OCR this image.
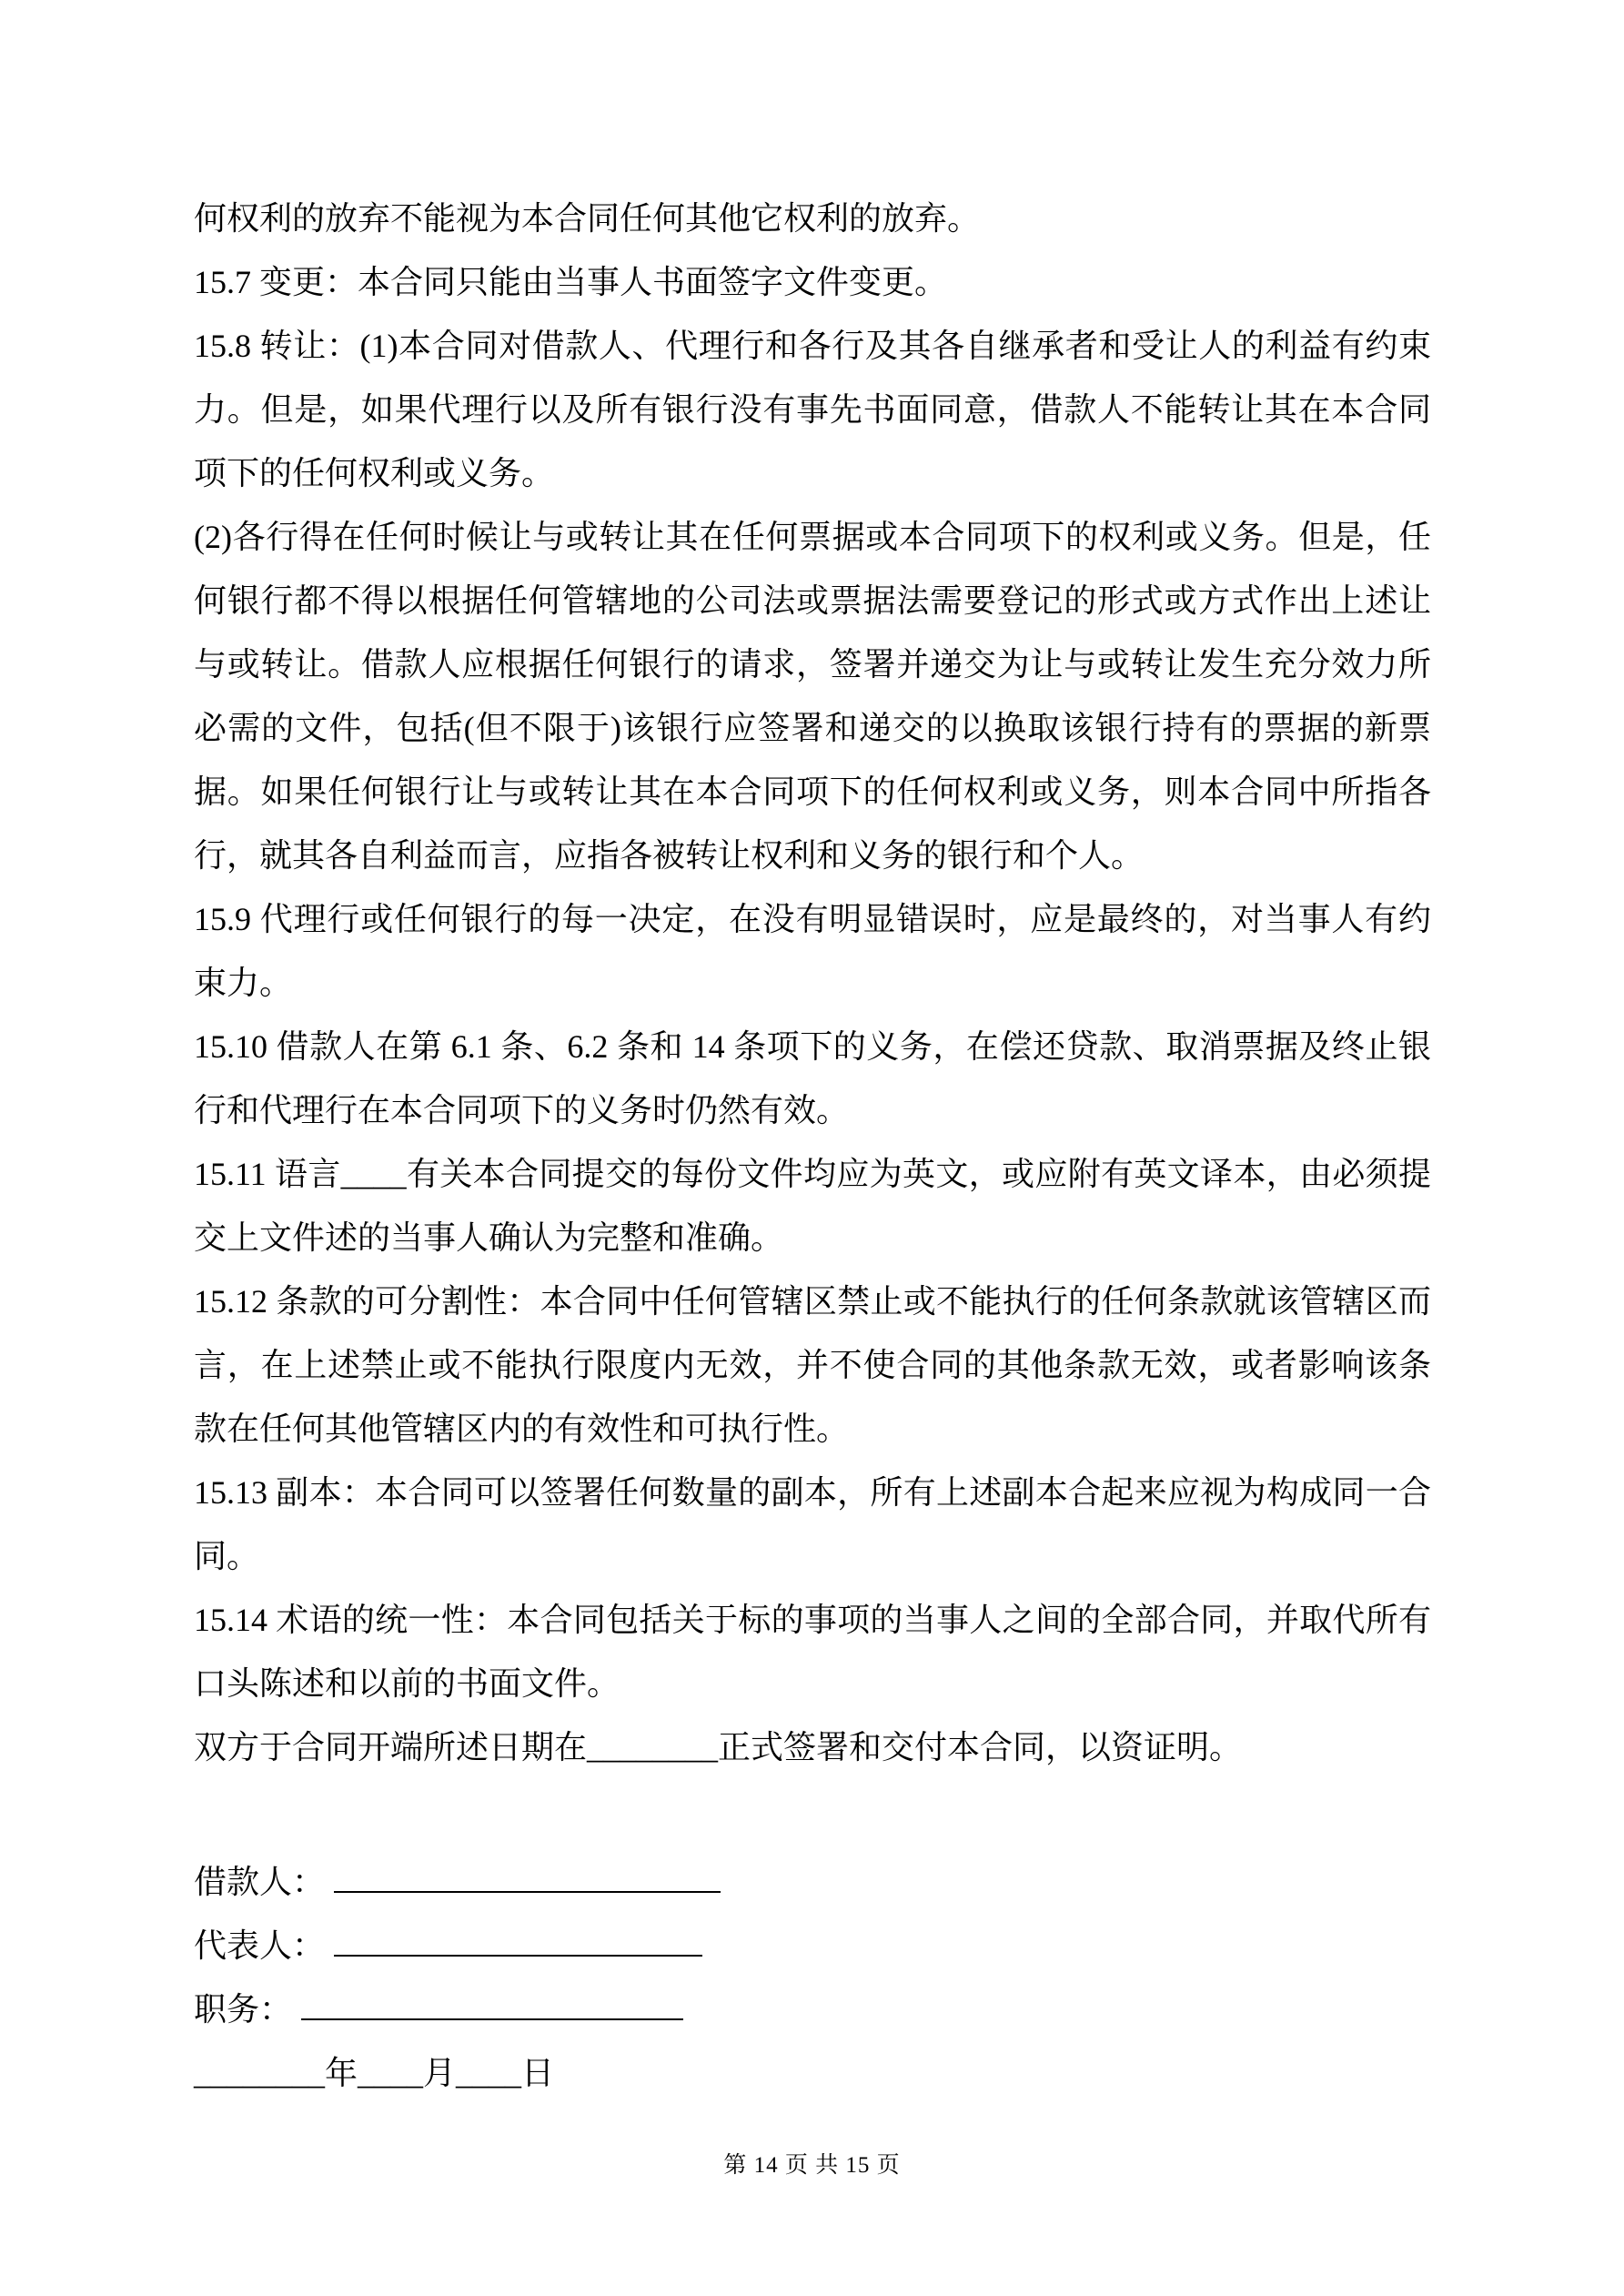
何权利的放弃不能视为本合同任何其他它权利的放弃。

15.7 变更：本合同只能由当事人书面签字文件变更。

15.8 转让：(1)本合同对借款人、代理行和各行及其各自继承者和受让人的利益有约束力。但是，如果代理行以及所有银行没有事先书面同意，借款人不能转让其在本合同项下的任何权利或义务。

(2)各行得在任何时候让与或转让其在任何票据或本合同项下的权利或义务。但是，任何银行都不得以根据任何管辖地的公司法或票据法需要登记的形式或方式作出上述让与或转让。借款人应根据任何银行的请求，签署并递交为让与或转让发生充分效力所必需的文件，包括(但不限于)该银行应签署和递交的以换取该银行持有的票据的新票据。如果任何银行让与或转让其在本合同项下的任何权利或义务，则本合同中所指各行，就其各自利益而言，应指各被转让权利和义务的银行和个人。

15.9 代理行或任何银行的每一决定，在没有明显错误时，应是最终的，对当事人有约束力。

15.10 借款人在第 6.1 条、6.2 条和 14 条项下的义务，在偿还贷款、取消票据及终止银行和代理行在本合同项下的义务时仍然有效。

15.11 语言____有关本合同提交的每份文件均应为英文，或应附有英文译本，由必须提交上文件述的当事人确认为完整和准确。

15.12 条款的可分割性：本合同中任何管辖区禁止或不能执行的任何条款就该管辖区而言，在上述禁止或不能执行限度内无效，并不使合同的其他条款无效，或者影响该条款在任何其他管辖区内的有效性和可执行性。

15.13 副本：本合同可以签署任何数量的副本，所有上述副本合起来应视为构成同一合同。

15.14 术语的统一性：本合同包括关于标的事项的当事人之间的全部合同，并取代所有口头陈述和以前的书面文件。

双方于合同开端所述日期在________正式签署和交付本合同，以资证明。

借款人：
代表人：
职务：
________年____月____日
第 14 页 共 15 页
